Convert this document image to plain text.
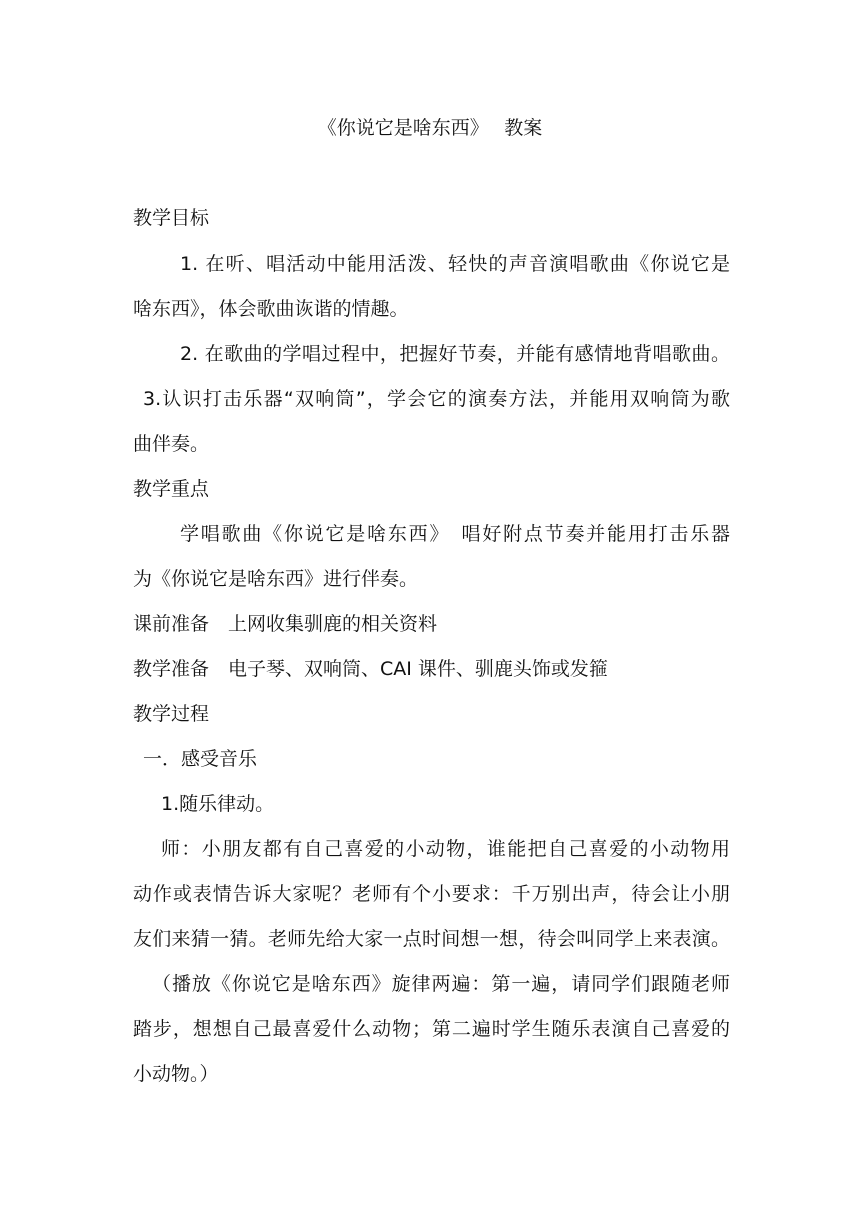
《你说它是啥东西》　 教案
教学目标
1. 在听、唱活动中能用活泼、轻快的声音演唱歌曲《你说它是
啥东西》，体会歌曲诙谐的情趣。
2. 在歌曲的学唱过程中，把握好节奏，并能有感情地背唱歌曲。
3.认识打击乐器“双响筒”，学会它的演奏方法，并能用双响筒为歌
曲伴奏。
教学重点
学唱歌曲《你说它是啥东西》　唱好附点节奏并能用打击乐器
为《你说它是啥东西》进行伴奏。
课前准备　上网收集驯鹿的相关资料
教学准备　电子琴、双响筒、CAI 课件、驯鹿头饰或发箍
教学过程
一．感受音乐
1.随乐律动。
师：小朋友都有自己喜爱的小动物，谁能把自己喜爱的小动物用
动作或表情告诉大家呢？老师有个小要求：千万别出声，待会让小朋
友们来猜一猜。老师先给大家一点时间想一想，待会叫同学上来表演。
（播放《你说它是啥东西》旋律两遍：第一遍，请同学们跟随老师
踏步，想想自己最喜爱什么动物；第二遍时学生随乐表演自己喜爱的
小动物。）
